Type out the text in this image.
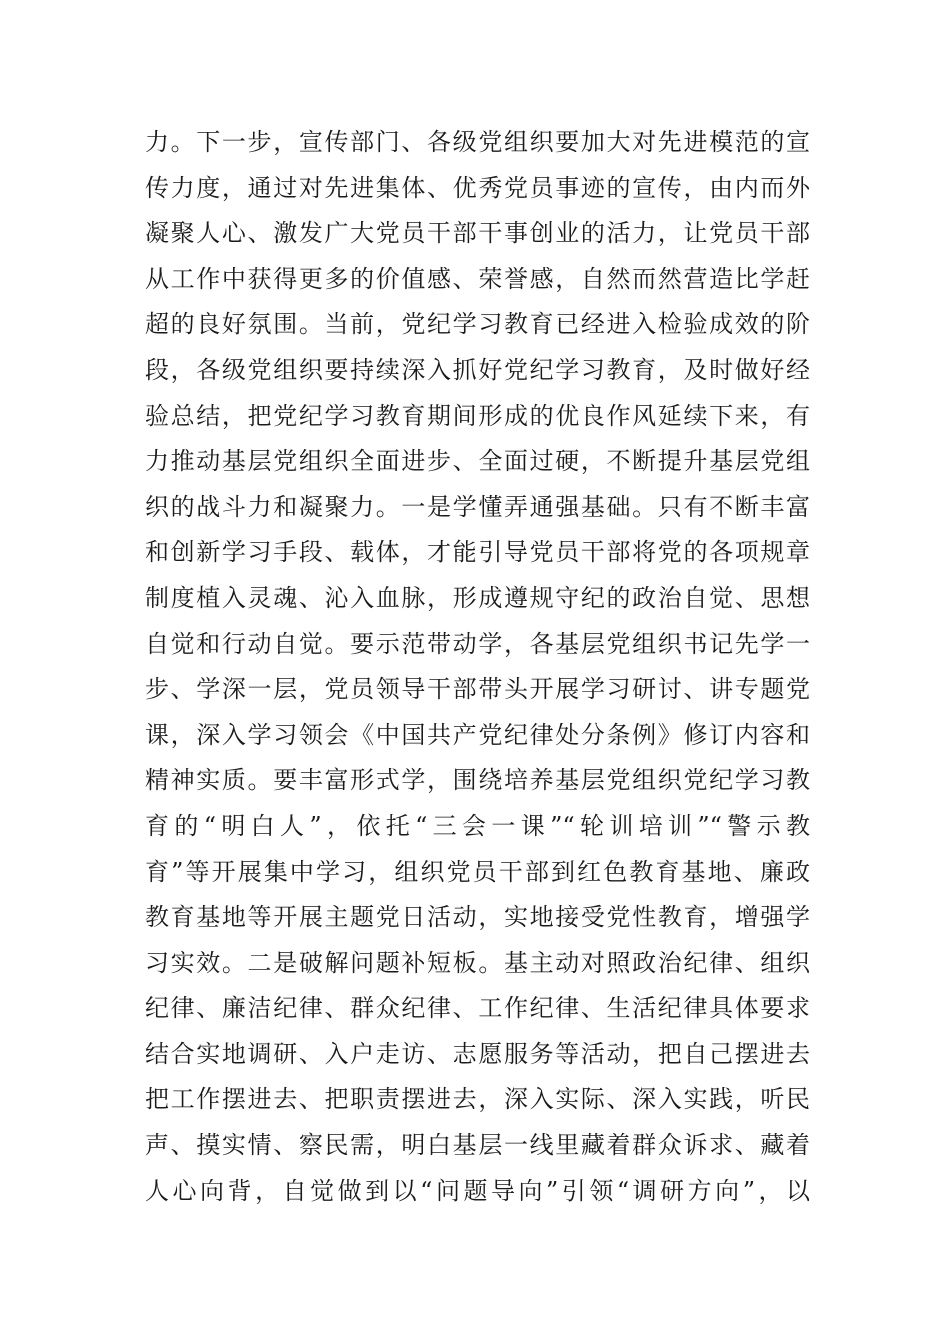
力。下一步，宣传部门、各级党组织要加大对先进模范的宣
传力度，通过对先进集体、优秀党员事迹的宣传，由内而外
凝聚人心、激发广大党员干部干事创业的活力，让党员干部
从工作中获得更多的价值感、荣誉感，自然而然营造比学赶
超的良好氛围。当前，党纪学习教育已经进入检验成效的阶
段，各级党组织要持续深入抓好党纪学习教育，及时做好经
验总结，把党纪学习教育期间形成的优良作风延续下来，有
力推动基层党组织全面进步、全面过硬，不断提升基层党组
织的战斗力和凝聚力。一是学懂弄通强基础。只有不断丰富
和创新学习手段、载体，才能引导党员干部将党的各项规章
制度植入灵魂、沁入血脉，形成遵规守纪的政治自觉、思想
自觉和行动自觉。要示范带动学，各基层党组织书记先学一
步、学深一层，党员领导干部带头开展学习研讨、讲专题党
课，深入学习领会《中国共产党纪律处分条例》修订内容和
精神实质。要丰富形式学，围绕培养基层党组织党纪学习教
育的“明白人”，依托“三会一课”“轮训培训”“警示教
育”等开展集中学习，组织党员干部到红色教育基地、廉政
教育基地等开展主题党日活动，实地接受党性教育，增强学
习实效。二是破解问题补短板。基主动对照政治纪律、组织
纪律、廉洁纪律、群众纪律、工作纪律、生活纪律具体要求
结合实地调研、入户走访、志愿服务等活动，把自己摆进去
把工作摆进去、把职责摆进去，深入实际、深入实践，听民
声、摸实情、察民需，明白基层一线里藏着群众诉求、藏着
人心向背，自觉做到以“问题导向”引领“调研方向”，以
